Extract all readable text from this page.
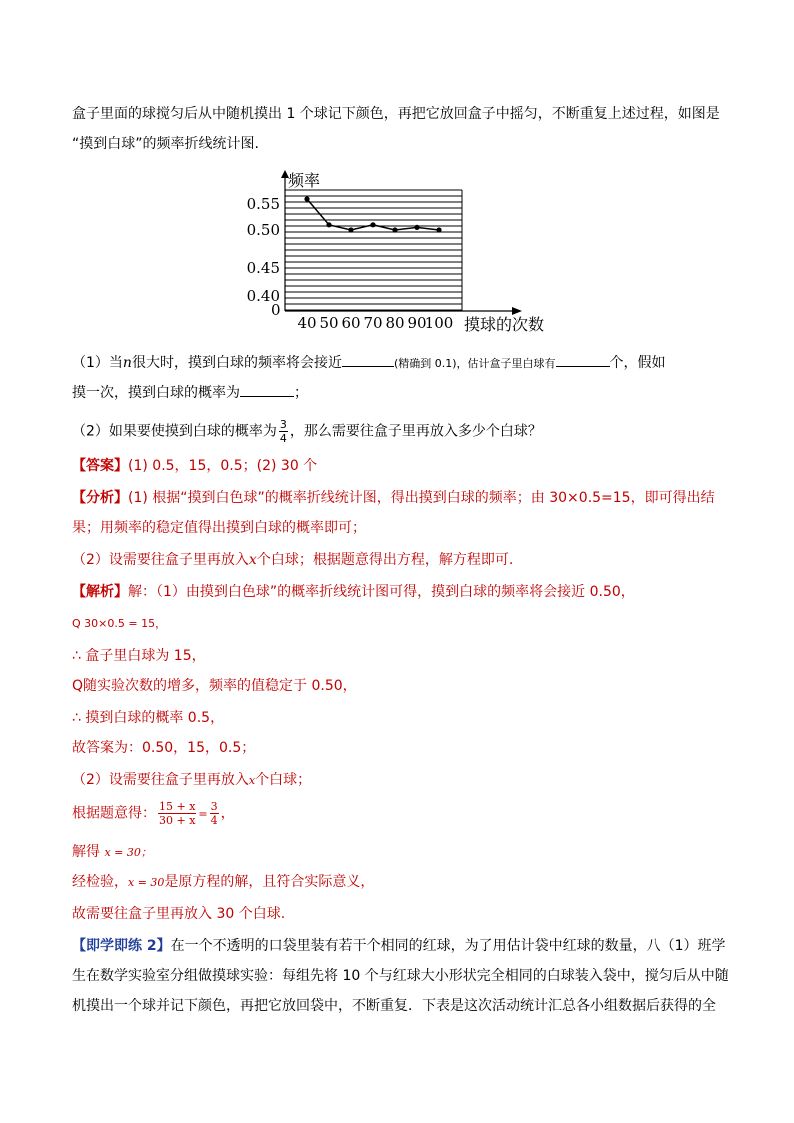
盒子里面的球搅匀后从中随机摸出 1 个球记下颜色，再把它放回盒子中摇匀，不断重复上述过程，如图是
“摸到白球”的频率折线统计图.
频率
摸球的次数
0
0.55
0.50
0.45
0.40
40 50 60 70 80 90
100
（1）当n很大时，摸到白球的频率将会接近	(精确到 0.1)，估计盒子里白球有	个，假如
摸一次，摸到白球的概率为	；
（2）如果要使摸到白球的概率为 $\frac{3}{4}$ ，那么需要往盒子里再放入多少个白球？
【答案】(1) 0.5，15，0.5；(2) 30 个
【分析】(1) 根据“摸到白色球”的概率折线统计图，得出摸到白球的频率；由 30×0.5=15，即可得出结
果；用频率的稳定值得出摸到白球的概率即可；
（2）设需要往盒子里再放入x个白球；根据题意得出方程，解方程即可.
【解析】解：（1）由摸到白色球”的概率折线统计图可得，摸到白球的频率将会接近 0.50，
Q 30×0.5 = 15，
∴ 盒子里白球为 15，
Q随实验次数的增多，频率的值稳定于 0.50，
∴ 摸到白球的概率 0.5，
故答案为：0.50，15，0.5；
（2）设需要往盒子里再放入x个白球；
根据题意得： $\frac{15 + x}{30 + x} = \frac{3}{4}$ ，
解得 x = 30；
经检验，x = 30是原方程的解，且符合实际意义，
故需要往盒子里再放入 30 个白球.
【即学即练 2】在一个不透明的口袋里装有若干个相同的红球，为了用估计袋中红球的数量，八（1）班学
生在数学实验室分组做摸球实验：每组先将 10 个与红球大小形状完全相同的白球装入袋中，搅匀后从中随
机摸出一个球并记下颜色，再把它放回袋中，不断重复．下表是这次活动统计汇总各小组数据后获得的全
